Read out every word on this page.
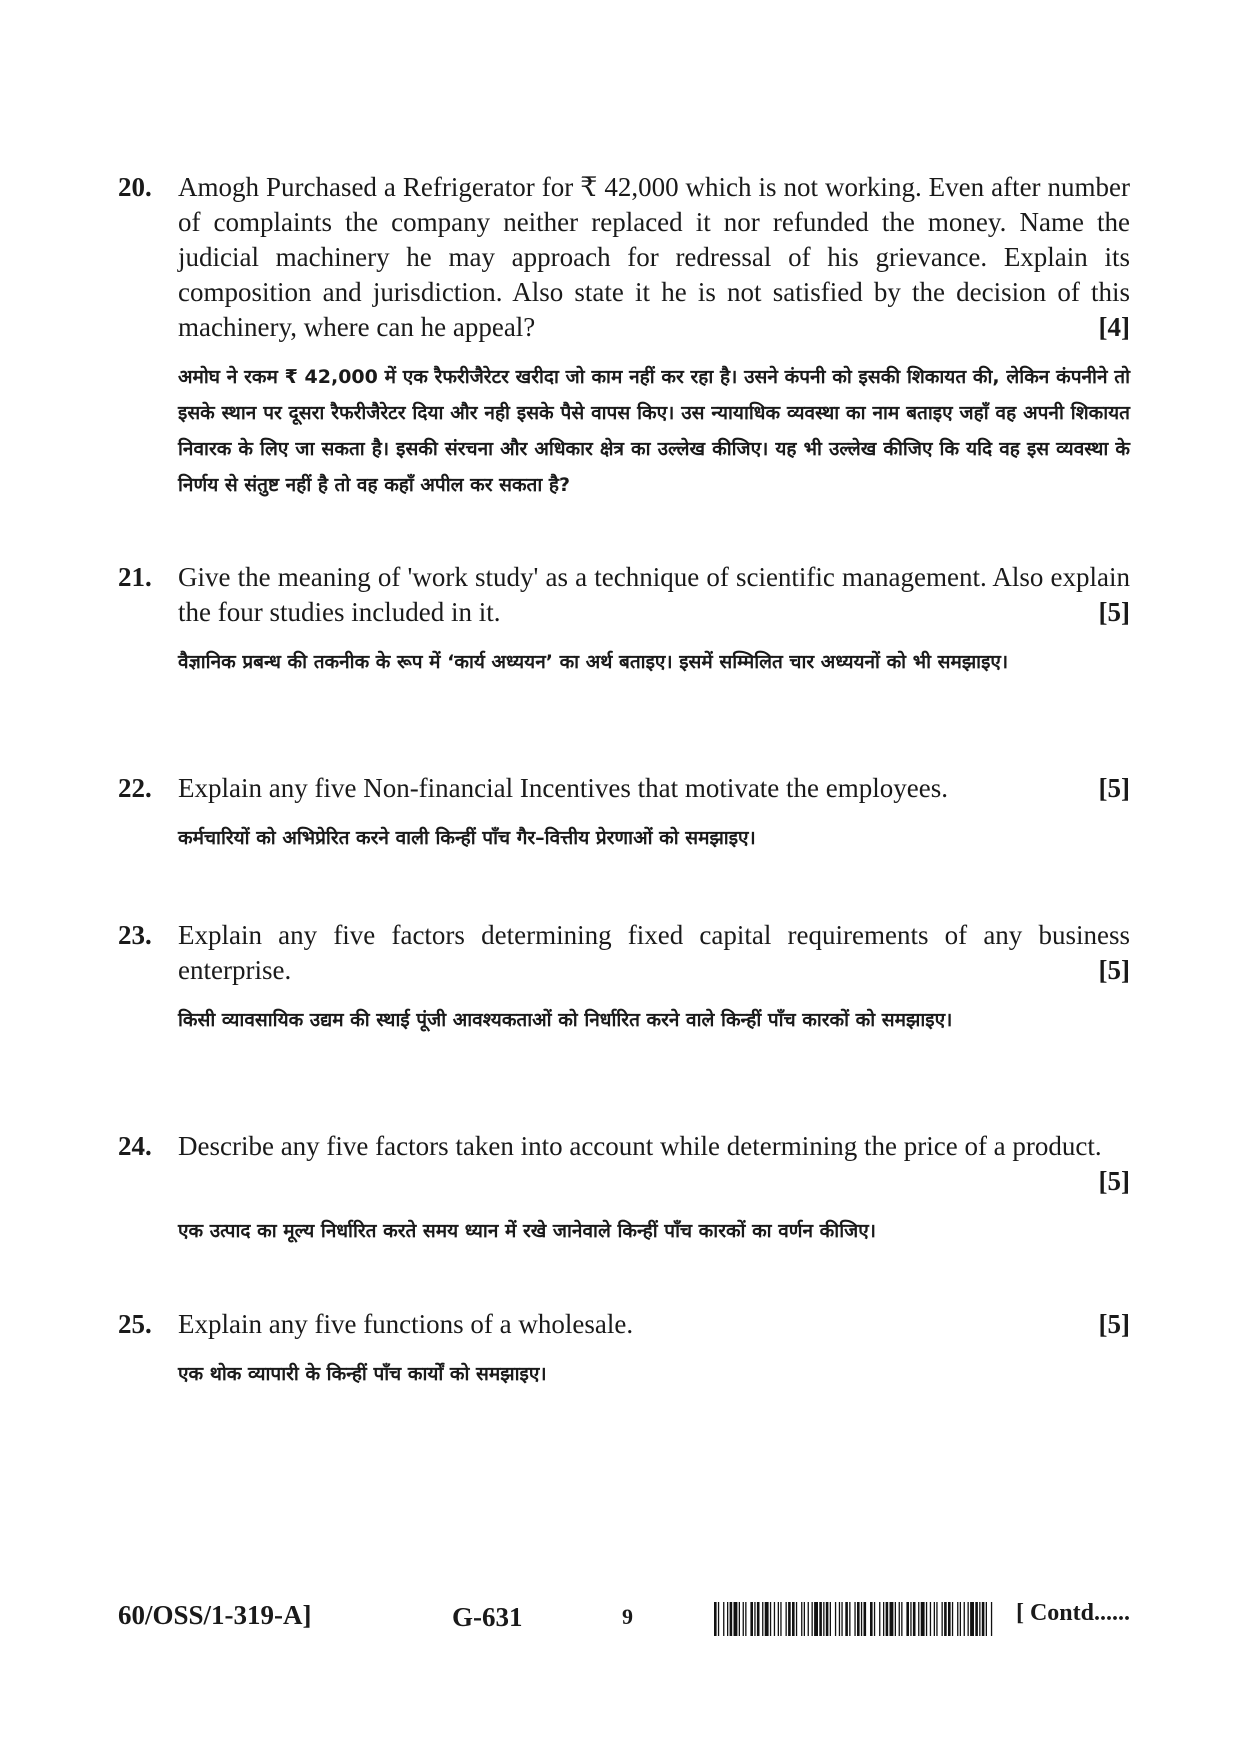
20. Amogh Purchased a Refrigerator for ₹ 42,000 which is not working. Even after number of complaints the company neither replaced it nor refunded the money. Name the judicial machinery he may approach for redressal of his grievance. Explain its composition and jurisdiction. Also state it he is not satisfied by the decision of this machinery, where can he appeal?	[4]
अमोघ ने रकम ₹ 42,000 में एक रैफरीजैरेटर खरीदा जो काम नहीं कर रहा है। उसने कंपनी को इसकी शिकायत की, लेकिन कंपनीने तो इसके स्थान पर दूसरा रैफरीजैरेटर दिया और नही इसके पैसे वापस किए। उस न्यायाधिक व्यवस्था का नाम बताइए जहाँ वह अपनी शिकायत निवारक के लिए जा सकता है। इसकी संरचना और अधिकार क्षेत्र का उल्लेख कीजिए। यह भी उल्लेख कीजिए कि यदि वह इस व्यवस्था के निर्णय से संतुष्ट नहीं है तो वह कहाँ अपील कर सकता है?
21. Give the meaning of 'work study' as a technique of scientific management. Also explain the four studies included in it.	[5]
वैज्ञानिक प्रबन्ध की तकनीक के रूप में ‘कार्य अध्ययन’ का अर्थ बताइए। इसमें सम्मिलित चार अध्ययनों को भी समझाइए।
22. Explain any five Non-financial Incentives that motivate the employees.	[5]
कर्मचारियों को अभिप्रेरित करने वाली किन्हीं पाँच गैर–वित्तीय प्रेरणाओं को समझाइए।
23. Explain any five factors determining fixed capital requirements of any business enterprise.	[5]
किसी व्यावसायिक उद्यम की स्थाई पूंजी आवश्यकताओं को निर्धारित करने वाले किन्हीं पाँच कारकों को समझाइए।
24. Describe any five factors taken into account while determining the price of a product.
[5]
एक उत्पाद का मूल्य निर्धारित करते समय ध्यान में रखे जानेवाले किन्हीं पाँच कारकों का वर्णन कीजिए।
25. Explain any five functions of a wholesale.	[5]
एक थोक व्यापारी के किन्हीं पाँच कार्यों को समझाइए।
60/OSS/1-319-A]	G-631	9	[ Contd......
